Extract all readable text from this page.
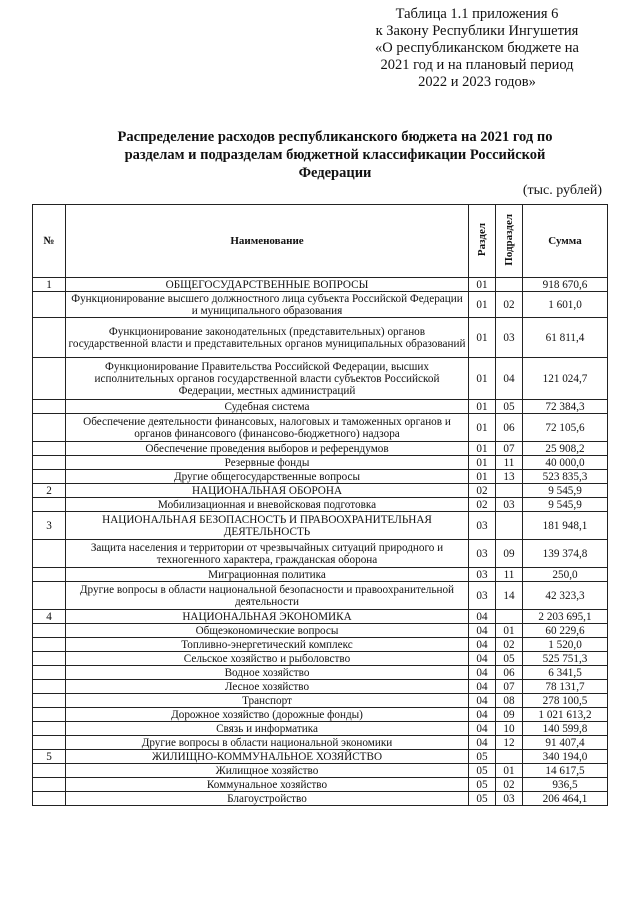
Таблица 1.1 приложения 6
к Закону Республики Ингушетия
«О республиканском бюджете на
2021 год и на плановый период
2022 и 2023 годов»
Распределение расходов республиканского бюджета на 2021 год по
разделам и подразделам бюджетной классификации Российской
Федерации
(тыс. рублей)
№	Наименование	Раздел	Подраздел	Сумма
1	ОБЩЕГОСУДАРСТВЕННЫЕ ВОПРОСЫ	01		918 670,6
	Функционирование высшего должностного лица субъекта Российской Федерации и муниципального образования	01	02	1 601,0
	Функционирование законодательных (представительных) органов государственной власти и представительных органов муниципальных образований	01	03	61 811,4
	Функционирование Правительства Российской Федерации, высших исполнительных органов государственной власти субъектов Российской Федерации, местных администраций	01	04	121 024,7
	Судебная система	01	05	72 384,3
	Обеспечение деятельности финансовых, налоговых и таможенных органов и органов финансового (финансово-бюджетного) надзора	01	06	72 105,6
	Обеспечение проведения выборов и референдумов	01	07	25 908,2
	Резервные фонды	01	11	40 000,0
	Другие общегосударственные вопросы	01	13	523 835,3
2	НАЦИОНАЛЬНАЯ ОБОРОНА	02		9 545,9
	Мобилизационная и вневойсковая подготовка	02	03	9 545,9
3	НАЦИОНАЛЬНАЯ БЕЗОПАСНОСТЬ И ПРАВООХРАНИТЕЛЬНАЯ ДЕЯТЕЛЬНОСТЬ	03		181 948,1
	Защита населения и территории от чрезвычайных ситуаций природного и техногенного характера, гражданская оборона	03	09	139 374,8
	Миграционная политика	03	11	250,0
	Другие вопросы в области национальной безопасности и правоохранительной деятельности	03	14	42 323,3
4	НАЦИОНАЛЬНАЯ ЭКОНОМИКА	04		2 203 695,1
	Общеэкономические вопросы	04	01	60 229,6
	Топливно-энергетический комплекс	04	02	1 520,0
	Сельское хозяйство и рыболовство	04	05	525 751,3
	Водное хозяйство	04	06	6 341,5
	Лесное хозяйство	04	07	78 131,7
	Транспорт	04	08	278 100,5
	Дорожное хозяйство (дорожные фонды)	04	09	1 021 613,2
	Связь и информатика	04	10	140 599,8
	Другие вопросы в области национальной экономики	04	12	91 407,4
5	ЖИЛИЩНО-КОММУНАЛЬНОЕ ХОЗЯЙСТВО	05		340 194,0
	Жилищное хозяйство	05	01	14 617,5
	Коммунальное хозяйство	05	02	936,5
	Благоустройство	05	03	206 464,1
